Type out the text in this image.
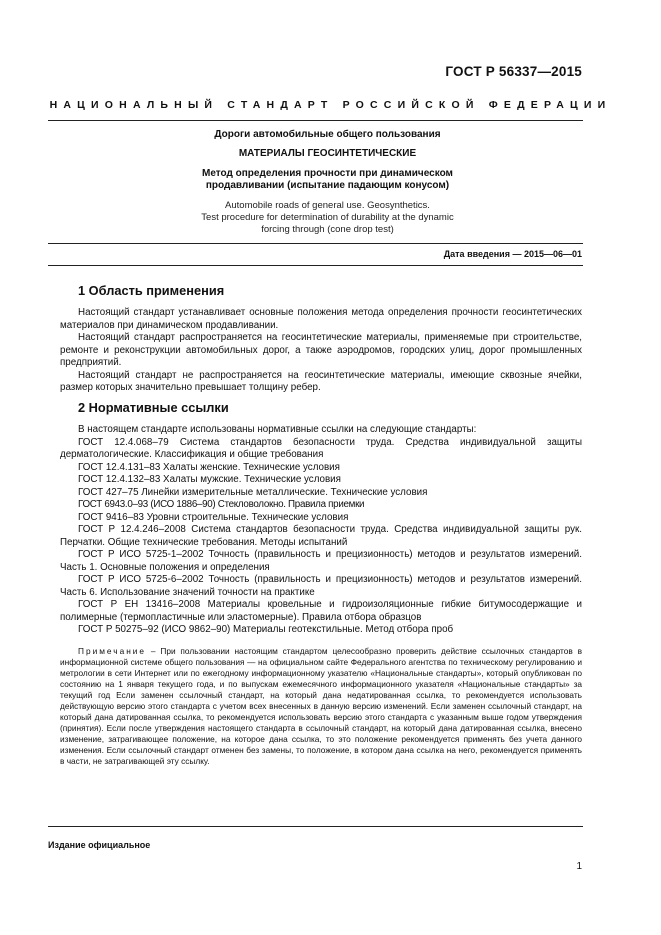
ГОСТ Р 56337—2015
НАЦИОНАЛЬНЫЙ СТАНДАРТ РОССИЙСКОЙ ФЕДЕРАЦИИ
Дороги автомобильные общего пользования
МАТЕРИАЛЫ ГЕОСИНТЕТИЧЕСКИЕ
Метод определения прочности при динамическом
продавливании (испытание падающим конусом)
Automobile roads of general use. Geosynthetics.
Test procedure for determination of durability at the dynamic
forcing through (cone drop test)
Дата введения — 2015—06—01
1 Область применения

Настоящий стандарт устанавливает основные положения метода определения прочности геосинтетических материалов при динамическом продавливании.

Настоящий стандарт распространяется на геосинтетические материалы, применяемые при строительстве, ремонте и реконструкции автомобильных дорог, а также аэродромов, городских улиц, дорог промышленных предприятий.

Настоящий стандарт не распространяется на геосинтетические материалы, имеющие сквозные ячейки, размер которых значительно превышает толщину ребер.

2 Нормативные ссылки

В настоящем стандарте использованы нормативные ссылки на следующие стандарты:

ГОСТ 12.4.068–79 Система стандартов безопасности труда. Средства индивидуальной защиты дерматологические. Классификация и общие требования

ГОСТ 12.4.131–83 Халаты женские. Технические условия

ГОСТ 12.4.132–83 Халаты мужские. Технические условия

ГОСТ 427–75 Линейки измерительные металлические. Технические условия

ГОСТ 6943.0–93 (ИСО 1886–90) Стекловолокно. Правила приемки

ГОСТ 9416–83 Уровни строительные. Технические условия

ГОСТ Р 12.4.246–2008 Система стандартов безопасности труда. Средства индивидуальной защиты рук. Перчатки. Общие технические требования. Методы испытаний

ГОСТ Р ИСО 5725-1–2002 Точность (правильность и прецизионность) методов и результатов измерений. Часть 1. Основные положения и определения

ГОСТ Р ИСО 5725-6–2002 Точность (правильность и прецизионность) методов и результатов измерений. Часть 6. Использование значений точности на практике

ГОСТ Р ЕН 13416–2008 Материалы кровельные и гидроизоляционные гибкие битумосодержащие и полимерные (термопластичные или эластомерные). Правила отбора образцов

ГОСТ Р 50275–92 (ИСО 9862–90) Материалы геотекстильные. Метод отбора проб

Примечание – При пользовании настоящим стандартом целесообразно проверить действие ссылочных стандартов в информационной системе общего пользования — на официальном сайте Федерального агентства по техническому регулированию и метрологии в сети Интернет или по ежегодному информационному указателю «Национальные стандарты», который опубликован по состоянию на 1 января текущего года, и по выпускам ежемесячного информационного указателя «Национальные стандарты» за текущий год Если заменен ссылочный стандарт, на который дана недатированная ссылка, то рекомендуется использовать действующую версию этого стандарта с учетом всех внесенных в данную версию изменений. Если заменен ссылочный стандарт, на который дана датированная ссылка, то рекомендуется использовать версию этого стандарта с указанным выше годом утверждения (принятия). Если после утверждения настоящего стандарта в ссылочный стандарт, на который дана датированная ссылка, внесено изменение, затрагивающее положение, на которое дана ссылка, то это положение рекомендуется применять без учета данного изменения. Если ссылочный стандарт отменен без замены, то положение, в котором дана ссылка на него, рекомендуется применять в части, не затрагивающей эту ссылку.

Издание официальное
1
